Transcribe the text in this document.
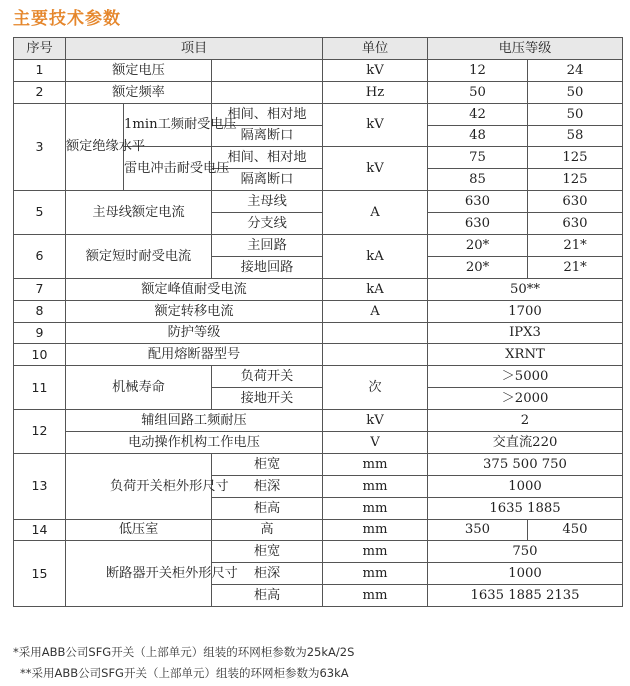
主要技术参数
序号	项目			单位	电压等级	
1	额定电压			kV	12	24
2	额定频率			Hz	50	50
3	额定绝缘水平	1min工频耐受电压	相间、相对地	kV	42	50
			隔离断口		48	58
		雷电冲击耐受电压	相间、相对地	kV	75	125
			隔离断口		85	125
5	主母线额定电流		主母线	A	630	630
			分支线		630	630
6	额定短时耐受电流		主回路	kA	20*	21*
			接地回路		20*	21*
7	额定峰值耐受电流			kA	50**	
8	额定转移电流			A	1700	
9	防护等级				IPX3	
10	配用熔断器型号				XRNT	
11	机械寿命		负荷开关	次	＞5000	
			接地开关		＞2000	
12	辅组回路工频耐压			kV	2	
	电动操作机构工作电压			V	交直流220	
13	负荷开关柜外形尺寸		柜宽	mm	375 500 750	
			柜深	mm	1000	
			柜高	mm	1635 1885	
14	低压室		高	mm	350	450
15	断路器开关柜外形尺寸		柜宽	mm	750	
			柜深	mm	1000	
			柜高	mm	1635 1885 2135	
*采用ABB公司SFG开关（上部单元）组装的环网柜参数为25kA/2S
**采用ABB公司SFG开关（上部单元）组装的环网柜参数为63kA
